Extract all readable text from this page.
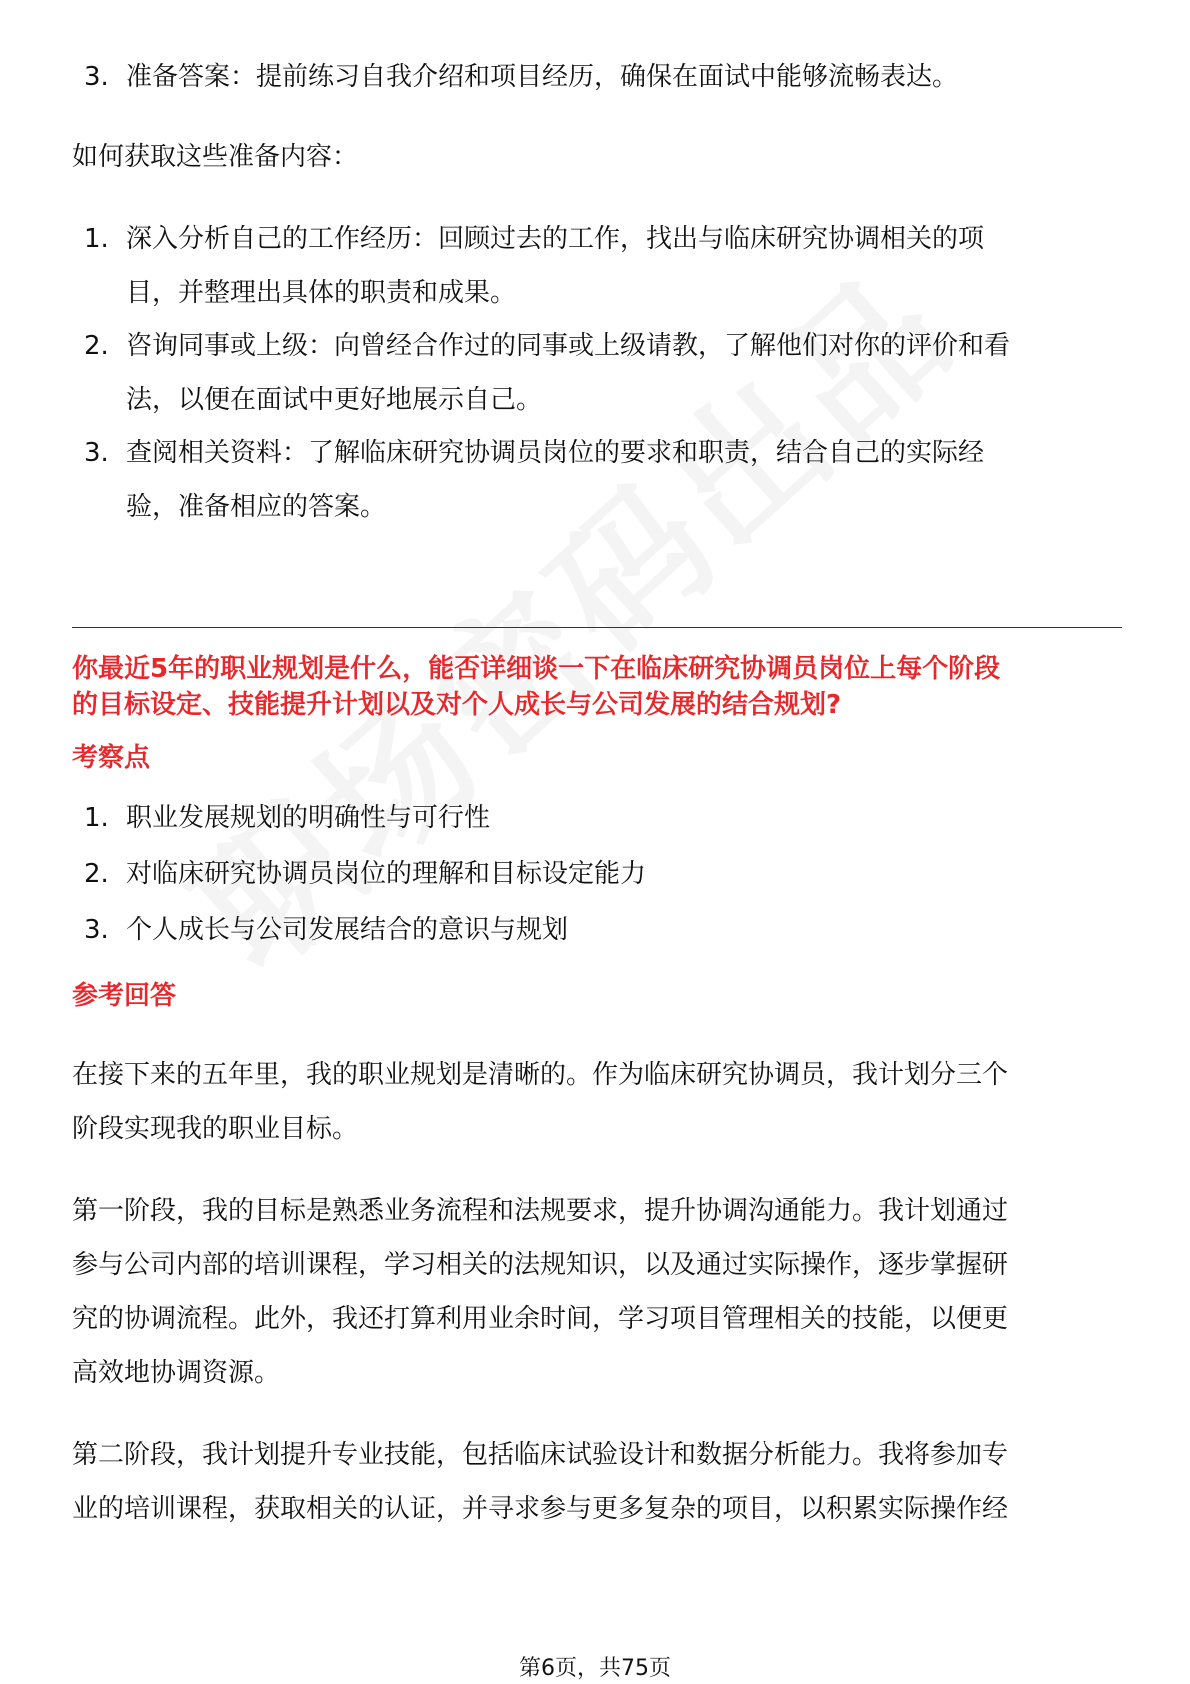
3. 准备答案：提前练习自我介绍和项目经历，确保在面试中能够流畅表达。
如何获取这些准备内容：
1. 深入分析自己的工作经历：回顾过去的工作，找出与临床研究协调相关的项
目，并整理出具体的职责和成果。
2. 咨询同事或上级：向曾经合作过的同事或上级请教，了解他们对你的评价和看
法，以便在面试中更好地展示自己。
3. 查阅相关资料：了解临床研究协调员岗位的要求和职责，结合自己的实际经
验，准备相应的答案。
你最近5年的职业规划是什么，能否详细谈一下在临床研究协调员岗位上每个阶段
的目标设定、技能提升计划以及对个人成长与公司发展的结合规划?
考察点
1. 职业发展规划的明确性与可行性
2. 对临床研究协调员岗位的理解和目标设定能力
3. 个人成长与公司发展结合的意识与规划
参考回答
在接下来的五年里，我的职业规划是清晰的。作为临床研究协调员，我计划分三个
阶段实现我的职业目标。
第一阶段，我的目标是熟悉业务流程和法规要求，提升协调沟通能力。我计划通过
参与公司内部的培训课程，学习相关的法规知识，以及通过实际操作，逐步掌握研
究的协调流程。此外，我还打算利用业余时间，学习项目管理相关的技能，以便更
高效地协调资源。
第二阶段，我计划提升专业技能，包括临床试验设计和数据分析能力。我将参加专
业的培训课程，获取相关的认证，并寻求参与更多复杂的项目，以积累实际操作经
第6页，共75页
